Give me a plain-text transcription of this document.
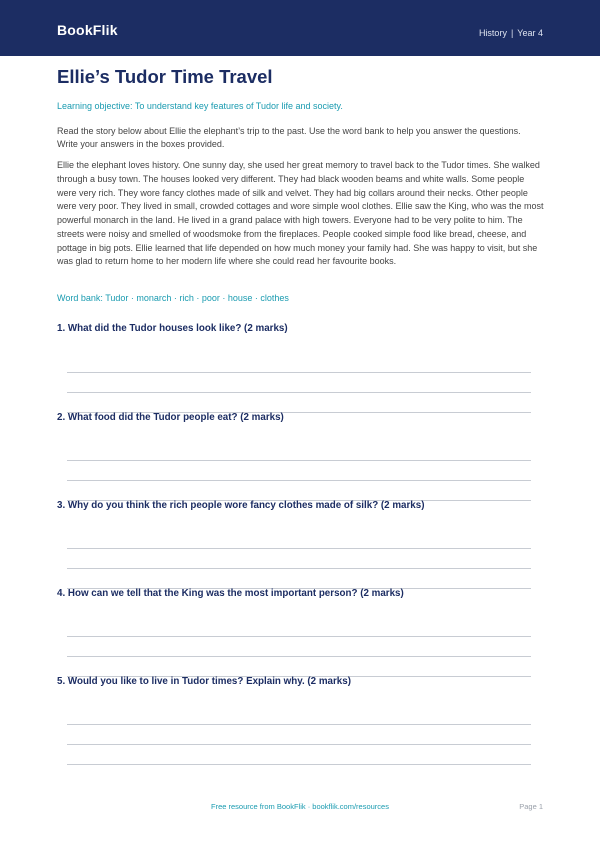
BookFlik	History | Year 4
Ellie’s Tudor Time Travel
Learning objective: To understand key features of Tudor life and society.
Read the story below about Ellie the elephant’s trip to the past. Use the word bank to help you answer the questions. Write your answers in the boxes provided.
Ellie the elephant loves history. One sunny day, she used her great memory to travel back to the Tudor times. She walked through a busy town. The houses looked very different. They had black wooden beams and white walls. Some people were very rich. They wore fancy clothes made of silk and velvet. They had big collars around their necks. Other people were very poor. They lived in small, crowded cottages and wore simple wool clothes. Ellie saw the King, who was the most powerful monarch in the land. He lived in a grand palace with high towers. Everyone had to be very polite to him. The streets were noisy and smelled of woodsmoke from the fireplaces. People cooked simple food like bread, cheese, and pottage in big pots. Ellie learned that life depended on how much money your family had. She was happy to visit, but she was glad to return home to her modern life where she could read her favourite books.
Word bank: Tudor · monarch · rich · poor · house · clothes
1. What did the Tudor houses look like? (2 marks)
2. What food did the Tudor people eat? (2 marks)
3. Why do you think the rich people wore fancy clothes made of silk? (2 marks)
4. How can we tell that the King was the most important person? (2 marks)
5. Would you like to live in Tudor times? Explain why. (2 marks)
Free resource from BookFlik · bookflik.com/resources	Page 1
